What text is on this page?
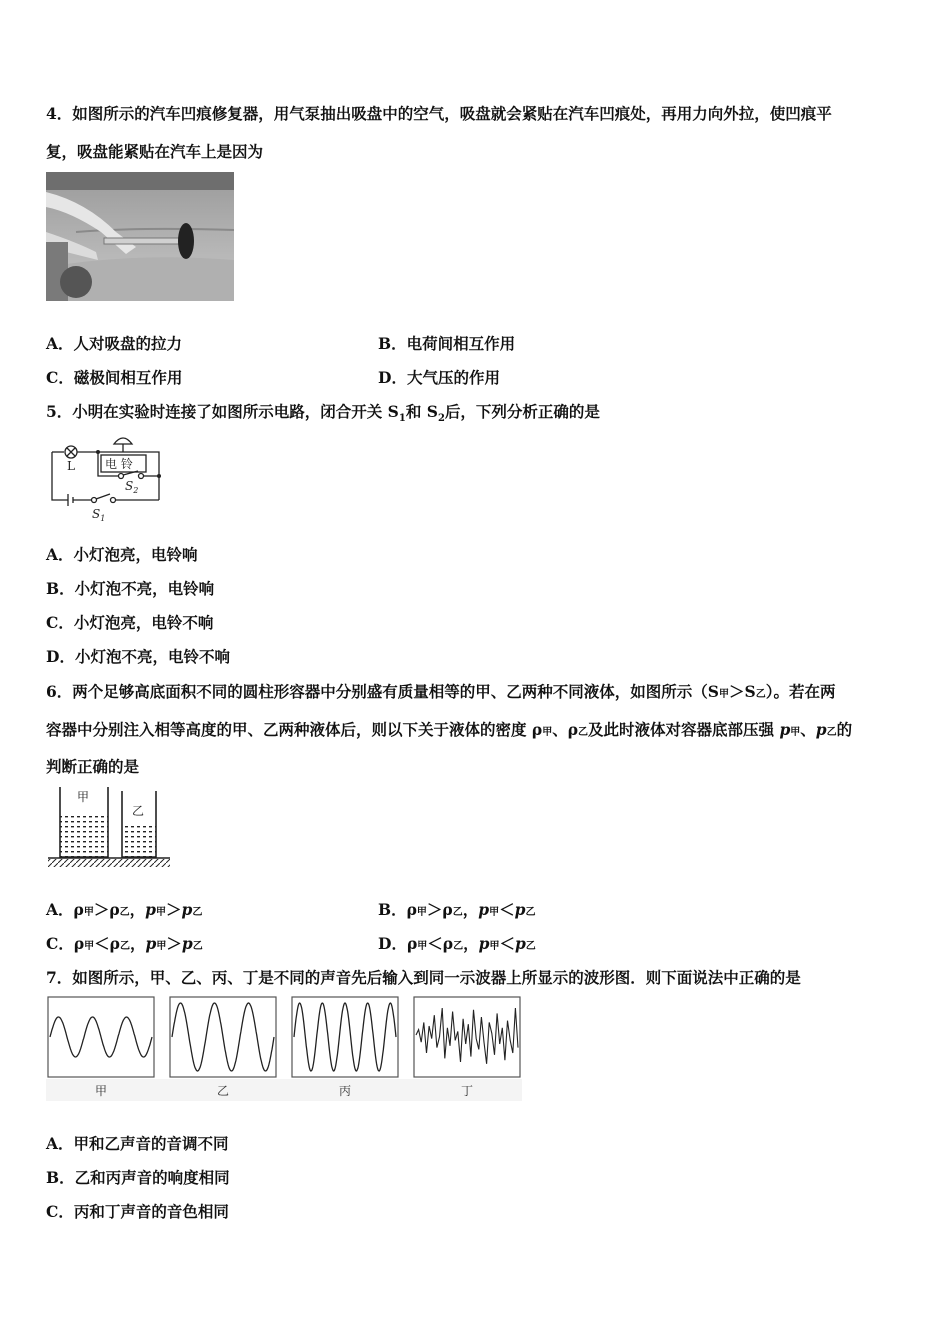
4．如图所示的汽车凹痕修复器，用气泵抽出吸盘中的空气，吸盘就会紧贴在汽车凹痕处，再用力向外拉，使凹痕平
复，吸盘能紧贴在汽车上是因为
A．人对吸盘的拉力	B．电荷间相互作用
C．磁极间相互作用	D．大气压的作用
5．小明在实验时连接了如图所示电路，闭合开关 $S_1$和 $S_2$后，下列分析正确的是
L	电 铃
$S_2$
$S_1$
A．小灯泡亮，电铃响
B．小灯泡不亮，电铃响
C．小灯泡亮，电铃不响
D．小灯泡不亮，电铃不响
6．两个足够高底面积不同的圆柱形容器中分别盛有质量相等的甲、乙两种不同液体，如图所示（S甲＞S乙）。若在两
容器中分别注入相等高度的甲、乙两种液体后，则以下关于液体的密度 ρ甲、ρ乙及此时液体对容器底部压强 p甲、p乙的
判断正确的是
甲
乙
A．ρ甲＞ρ乙，p甲＞p乙	B．ρ甲＞ρ乙，p甲＜p乙
C．ρ甲＜ρ乙，p甲＞p乙	D．ρ甲＜ρ乙，p甲＜p乙
7．如图所示，甲、乙、丙、丁是不同的声音先后输入到同一示波器上所显示的波形图．则下面说法中正确的是
甲	乙	丙	丁
A．甲和乙声音的音调不同
B．乙和丙声音的响度相同
C．丙和丁声音的音色相同
